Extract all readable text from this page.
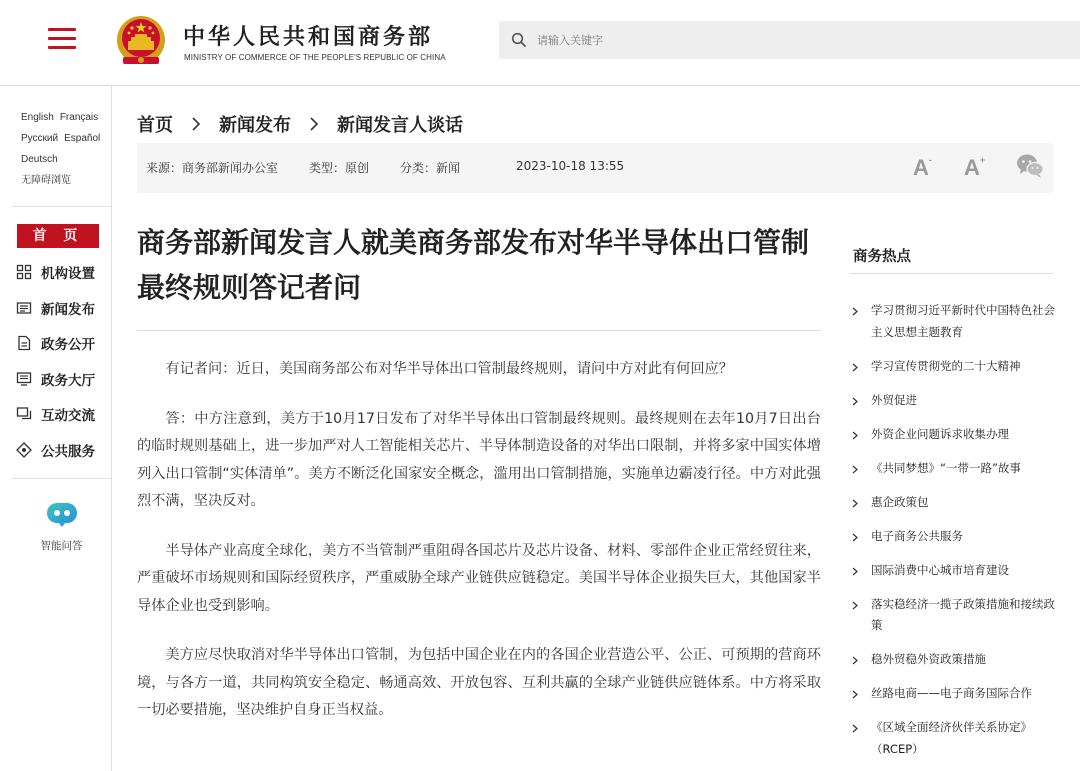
中华人民共和国商务部
MINISTRY OF COMMERCE OF THE PEOPLE'S REPUBLIC OF CHINA
请输入关键字
English Français
Русский Español
Deutsch
无障碍浏览
首 页
机构设置
新闻发布
政务公开
政务大厅
互动交流
公共服务
智能问答
首页	新闻发布	新闻发言人谈话
来源：商务部新闻办公室	类型：原创	分类：新闻	2023-10-18 13:55	A- A+
商务部新闻发言人就美商务部发布对华半导体出口管制最终规则答记者问

有记者问：近日，美国商务部公布对华半导体出口管制最终规则，请问中方对此有何回应？

答：中方注意到，美方于10月17日发布了对华半导体出口管制最终规则。最终规则在去年10月7日出台的临时规则基础上，进一步加严对人工智能相关芯片、半导体制造设备的对华出口限制，并将多家中国实体增列入出口管制“实体清单”。美方不断泛化国家安全概念，滥用出口管制措施，实施单边霸凌行径。中方对此强烈不满，坚决反对。

半导体产业高度全球化，美方不当管制严重阻碍各国芯片及芯片设备、材料、零部件企业正常经贸往来，严重破坏市场规则和国际经贸秩序，严重威胁全球产业链供应链稳定。美国半导体企业损失巨大，其他国家半导体企业也受到影响。

美方应尽快取消对华半导体出口管制，为包括中国企业在内的各国企业营造公平、公正、可预期的营商环境，与各方一道，共同构筑安全稳定、畅通高效、开放包容、互利共赢的全球产业链供应链体系。中方将采取一切必要措施，坚决维护自身正当权益。

商务热点
学习贯彻习近平新时代中国特色社会主义思想主题教育
学习宣传贯彻党的二十大精神
外贸促进
外资企业问题诉求收集办理
《共同梦想》“一带一路”故事
惠企政策包
电子商务公共服务
国际消费中心城市培育建设
落实稳经济一揽子政策措施和接续政策
稳外贸稳外资政策措施
丝路电商——电子商务国际合作
《区域全面经济伙伴关系协定》（RCEP）
